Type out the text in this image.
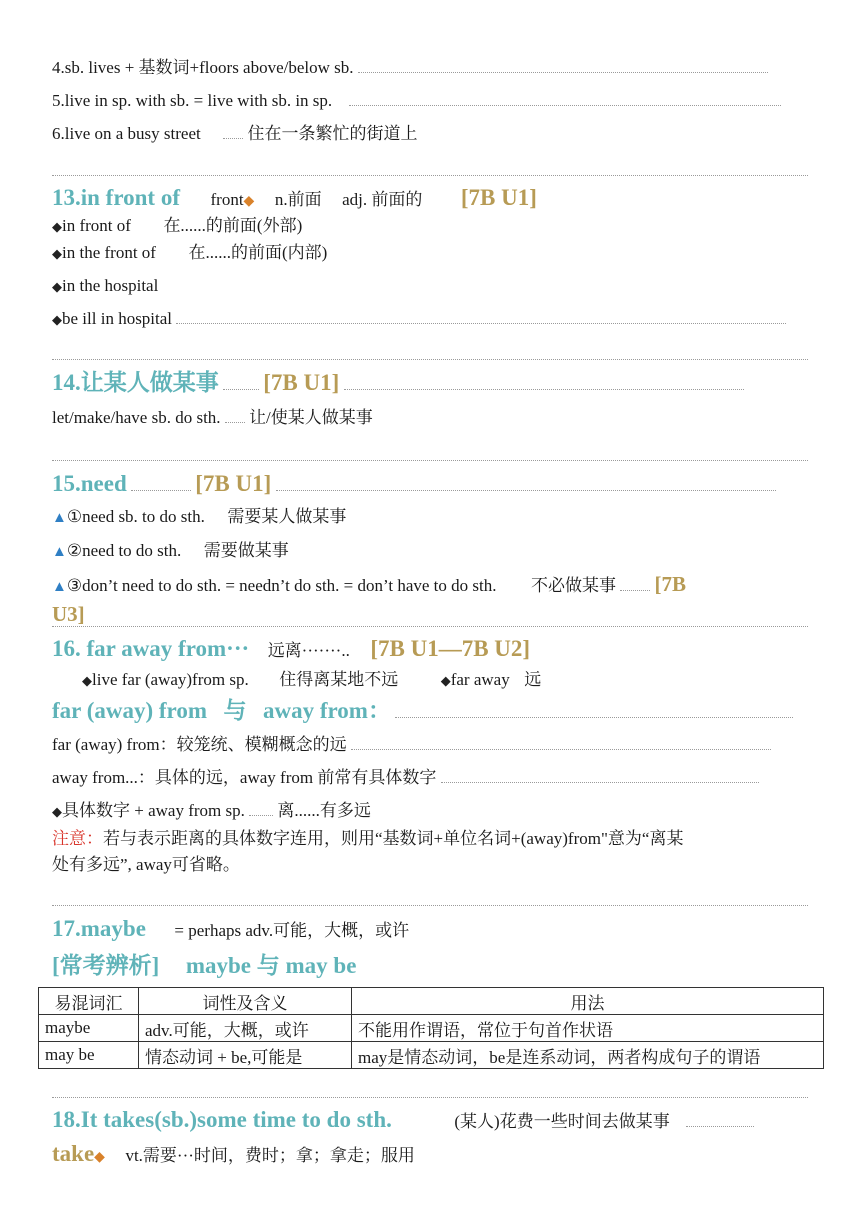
4.sb. lives + 基数词+floors above/below sb.
5.live in sp. with sb. = live with sb. in sp.
6.live on a busy street	住在一条繁忙的街道上
13.in front of front◆ n.前面 adj. 前面的 [7B U1]
◆in front of 在......的前面(外部)
◆in the front of 在......的前面(内部)
◆in the hospital
◆be ill in hospital
14.让某人做某事 [7B U1]
let/make/have sb. do sth. 让/使某人做某事
15.need	[7B U1]
▲①need sb. to do sth. 需要某人做某事
▲②need to do sth. 需要做某事
▲③don’t need to do sth. = needn’t do sth. = don’t have to do sth. 不必做某事 [7B
U3]
16. far away from··· 远离·······.. [7B U1—7B U2]
◆live far (away)from sp. 住得离某地不远	◆far away 远
far (away) from 与 away from：
far (away) from：较笼统、模糊概念的远
away from...：具体的远，away from 前常有具体数字
◆具体数字 + away from sp. 离......有多远
注意：若与表示距离的具体数字连用，则用“基数词+单位名词+(away)from"意为“离某
处有多远”, away可省略。
17.maybe = perhaps adv.可能，大概，或许
[常考辨析] maybe 与 may be
易混词汇	词性及含义	用法
maybe	adv.可能，大概，或许	不能用作谓语，常位于句首作状语
may be	情态动词 + be,可能是	may是情态动词，be是连系动词，两者构成句子的谓语
18.It takes(sb.)some time to do sth.	(某人)花费一些时间去做某事
take◆ vt.需要···时间，费时；拿；拿走；服用
